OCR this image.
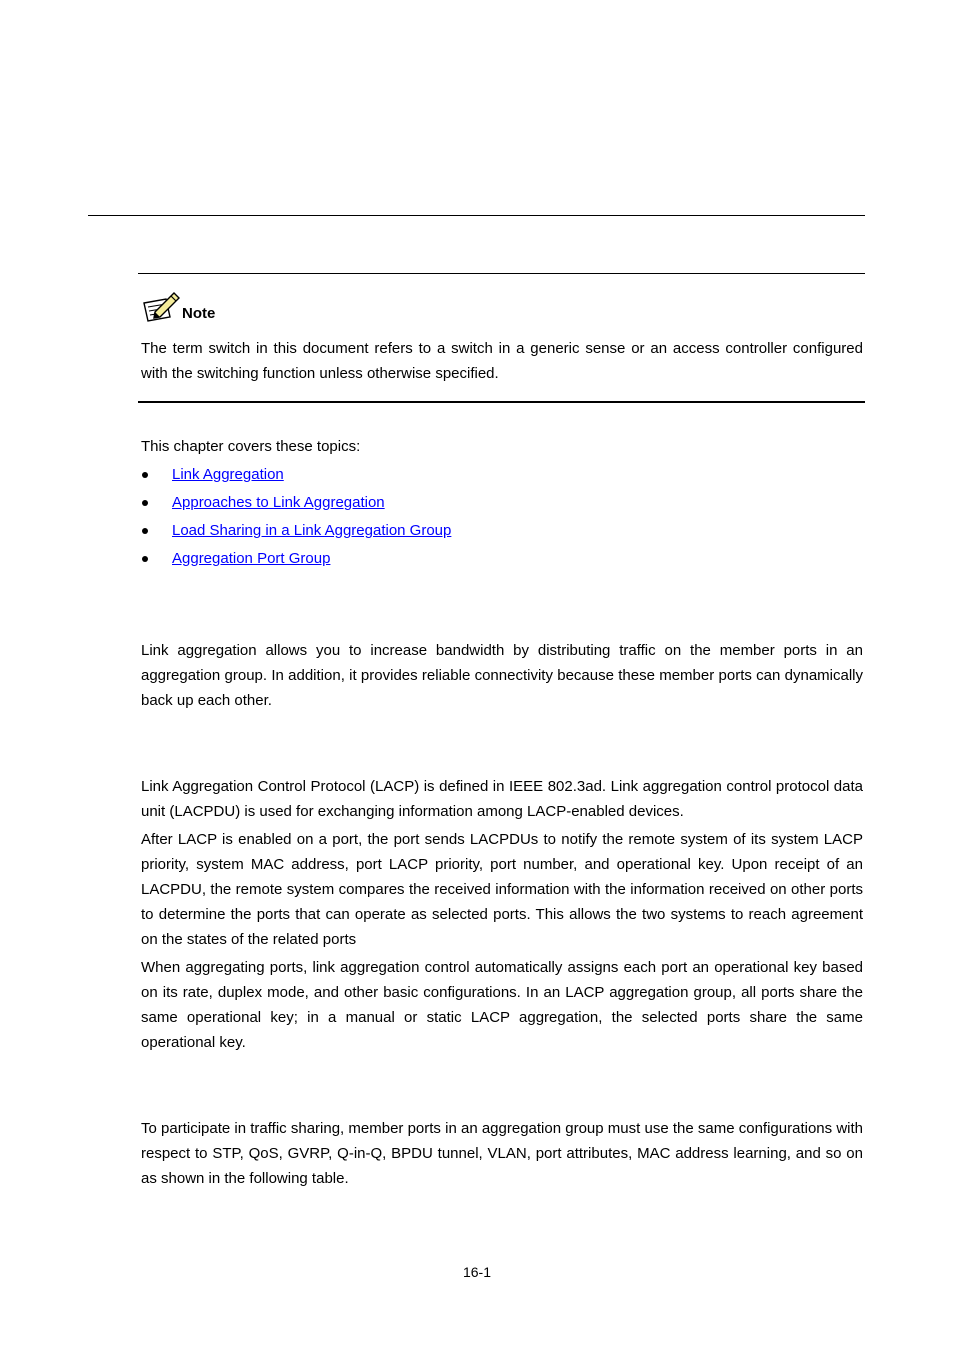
Note

The term switch in this document refers to a switch in a generic sense or an access controller configured with the switching function unless otherwise specified.

This chapter covers these topics:

Link Aggregation
Approaches to Link Aggregation
Load Sharing in a Link Aggregation Group
Aggregation Port Group

Link aggregation allows you to increase bandwidth by distributing traffic on the member ports in an aggregation group. In addition, it provides reliable connectivity because these member ports can dynamically back up each other.

Link Aggregation Control Protocol (LACP) is defined in IEEE 802.3ad. Link aggregation control protocol data unit (LACPDU) is used for exchanging information among LACP-enabled devices.

After LACP is enabled on a port, the port sends LACPDUs to notify the remote system of its system LACP priority, system MAC address, port LACP priority, port number, and operational key. Upon receipt of an LACPDU, the remote system compares the received information with the information received on other ports to determine the ports that can operate as selected ports. This allows the two systems to reach agreement on the states of the related ports

When aggregating ports, link aggregation control automatically assigns each port an operational key based on its rate, duplex mode, and other basic configurations. In an LACP aggregation group, all ports share the same operational key; in a manual or static LACP aggregation, the selected ports share the same operational key.

To participate in traffic sharing, member ports in an aggregation group must use the same configurations with respect to STP, QoS, GVRP, Q-in-Q, BPDU tunnel, VLAN, port attributes, MAC address learning, and so on as shown in the following table.

16-1
